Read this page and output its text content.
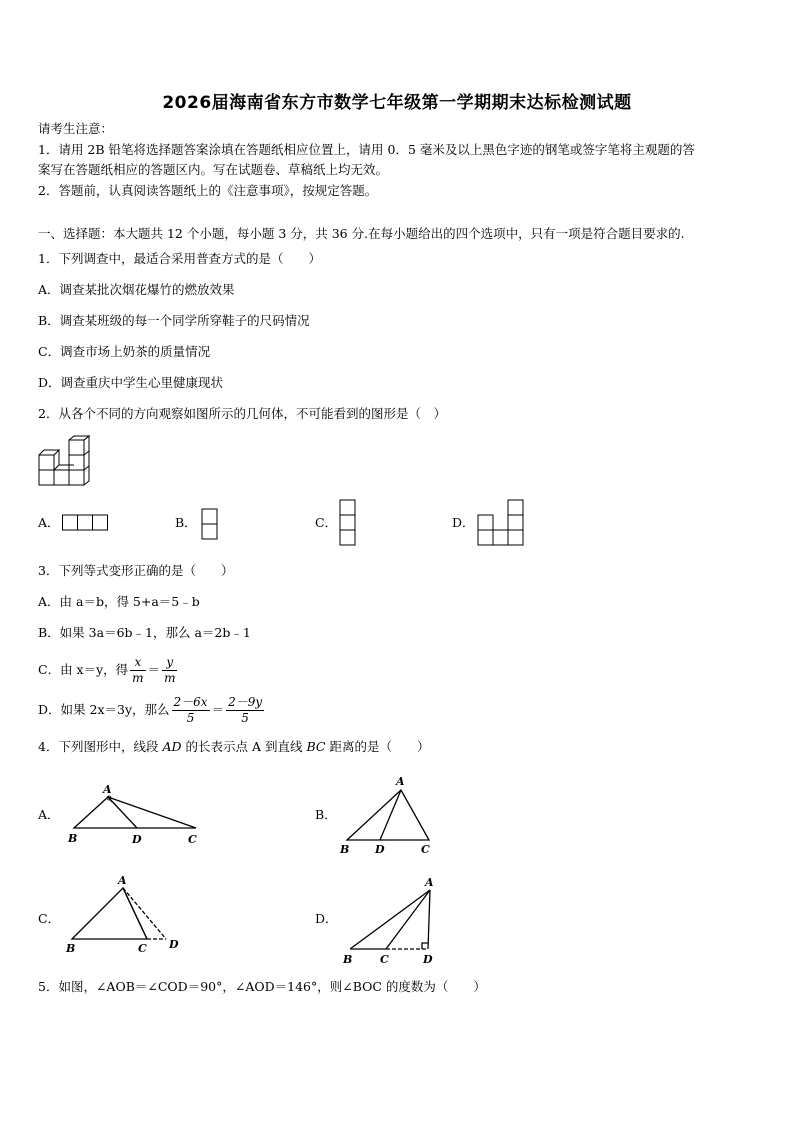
2026届海南省东方市数学七年级第一学期期末达标检测试题
请考生注意：
1．请用 2B 铅笔将选择题答案涂填在答题纸相应位置上，请用 0．5 毫米及以上黑色字迹的钢笔或签字笔将主观题的答
案写在答题纸相应的答题区内。写在试题卷、草稿纸上均无效。
2．答题前，认真阅读答题纸上的《注意事项》，按规定答题。
一、选择题：本大题共 12 个小题，每小题 3 分，共 36 分.在每小题给出的四个选项中，只有一项是符合题目要求的.
1．下列调查中，最适合采用普查方式的是（　　）
A．调查某批次烟花爆竹的燃放效果
B．调查某班级的每一个同学所穿鞋子的尺码情况
C．调查市场上奶茶的质量情况
D．调查重庆中学生心里健康现状
2．从各个不同的方向观察如图所示的几何体，不可能看到的图形是（　）
A．	B．	C．	D．
3．下列等式变形正确的是（　　）
A．由 a＝b，得 5+a＝5﹣b
B．如果 3a＝6b﹣1，那么 a＝2b﹣1
C．由 x＝y，得 $\frac{x}{m} = \frac{y}{m}$
D．如果 2x＝3y，那么 $\frac{2-6x}{5} = \frac{2-9y}{5}$
4．下列图形中，线段 AD 的长表示点 A 到直线 BC 距离的是（　　）
A．
A
B	D	C
B．
A
B D	C
C．
A
B	C D
D．
A
B	C	D
5．如图，∠AOB＝∠COD＝90°，∠AOD＝146°，则∠BOC 的度数为（　　）
